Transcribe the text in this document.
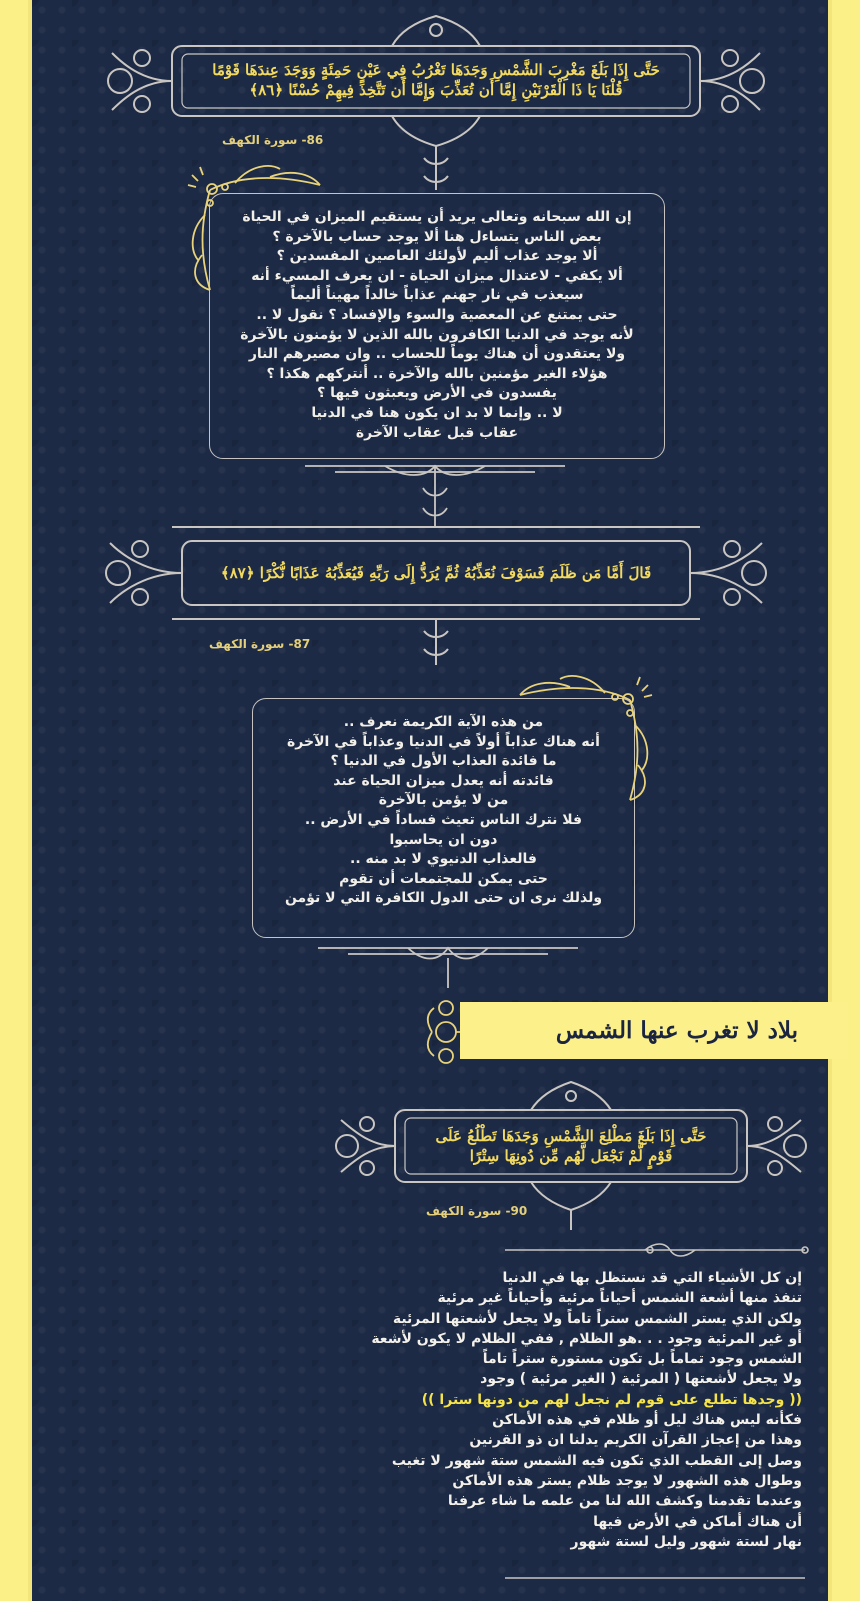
حَتَّى إِذَا بَلَغَ مَغْرِبَ الشَّمْسِ وَجَدَهَا تَغْرُبُ فِي عَيْنٍ حَمِئَةٍ وَوَجَدَ عِندَهَا قَوْمًا
قُلْنَا يَا ذَا الْقَرْنَيْنِ إِمَّا أَن تُعَذِّبَ وَإِمَّا أَن تَتَّخِذَ فِيهِمْ حُسْنًا ﴿٨٦﴾
86- سورة الكهف
إن الله سبحانه وتعالى يريد أن يستقيم الميزان في الحياة
بعض الناس يتساءل هنا ألا يوجد حساب بالآخرة ؟
ألا يوجد عذاب أليم لأولئك العاصين المفسدين ؟
ألا يكفي - لاعتدال ميزان الحياة - ان يعرف المسيء أنه
سيعذب في نار جهنم عذاباً خالداً مهيناً أليماً
حتى يمتنع عن المعصية والسوء والإفساد ؟ نقول لا ..
لأنه يوجد في الدنيا الكافرون بالله الذين لا يؤمنون بالآخرة
ولا يعتقدون أن هناك يوماً للحساب .. وان مصيرهم النار
هؤلاء الغير مؤمنين بالله والآخرة .. أنتركهم هكذا ؟
يفسدون في الأرض ويعبثون فيها ؟
لا .. وإنما لا بد ان يكون هنا في الدنيا
عقاب قبل عقاب الآخرة
قَالَ أَمَّا مَن ظَلَمَ فَسَوْفَ نُعَذِّبُهُ ثُمَّ يُرَدُّ إِلَى رَبِّهِ فَيُعَذِّبُهُ عَذَابًا نُّكْرًا ﴿٨٧﴾
87- سورة الكهف
من هذه الآية الكريمة نعرف ..
أنه هناك عذاباً أولاً في الدنيا وعذاباً في الآخرة
ما فائدة العذاب الأول في الدنيا ؟
فائدته أنه يعدل ميزان الحياة عند
من لا يؤمن بالآخرة
فلا نترك الناس تعيث فساداً في الأرض ..
دون ان يحاسبوا
فالعذاب الدنيوي لا بد منه ..
حتى يمكن للمجتمعات أن تقوم
ولذلك نرى ان حتى الدول الكافرة التي لا تؤمن
بلاد لا تغرب عنها الشمس
حَتَّى إِذَا بَلَغَ مَطْلِعَ الشَّمْسِ وَجَدَهَا تَطْلُعُ عَلَى
قَوْمٍ لَّمْ نَجْعَل لَّهُم مِّن دُونِهَا سِتْرًا
90- سورة الكهف
إن كل الأشياء التي قد نستظل بها في الدنيا
تنفذ منها أشعة الشمس أحياناً مرئية وأحياناً غير مرئية
ولكن الذي يستر الشمس ستراً تاماً ولا يجعل لأشعتها المرئية
أو غير المرئية وجود . . .هو الظلام , ففي الظلام لا يكون لأشعة
الشمس وجود تماماً بل تكون مستورة ستراً تاماً
ولا يجعل لأشعتها ( المرئية ( الغير مرئية ) وجود
(( وجدها تطلع على قوم لم نجعل لهم من دونها سترا ))
فكأنه ليس هناك ليل أو ظلام في هذه الأماكن
وهذا من إعجاز القرآن الكريم يدلنا ان ذو القرنين
وصل إلى القطب الذي تكون فيه الشمس ستة شهور لا تغيب
وطوال هذه الشهور لا يوجد ظلام يستر هذه الأماكن
وعندما تقدمنا وكشف الله لنا من علمه ما شاء عرفنا
أن هناك أماكن في الأرض فيها
نهار لستة شهور وليل لستة شهور
